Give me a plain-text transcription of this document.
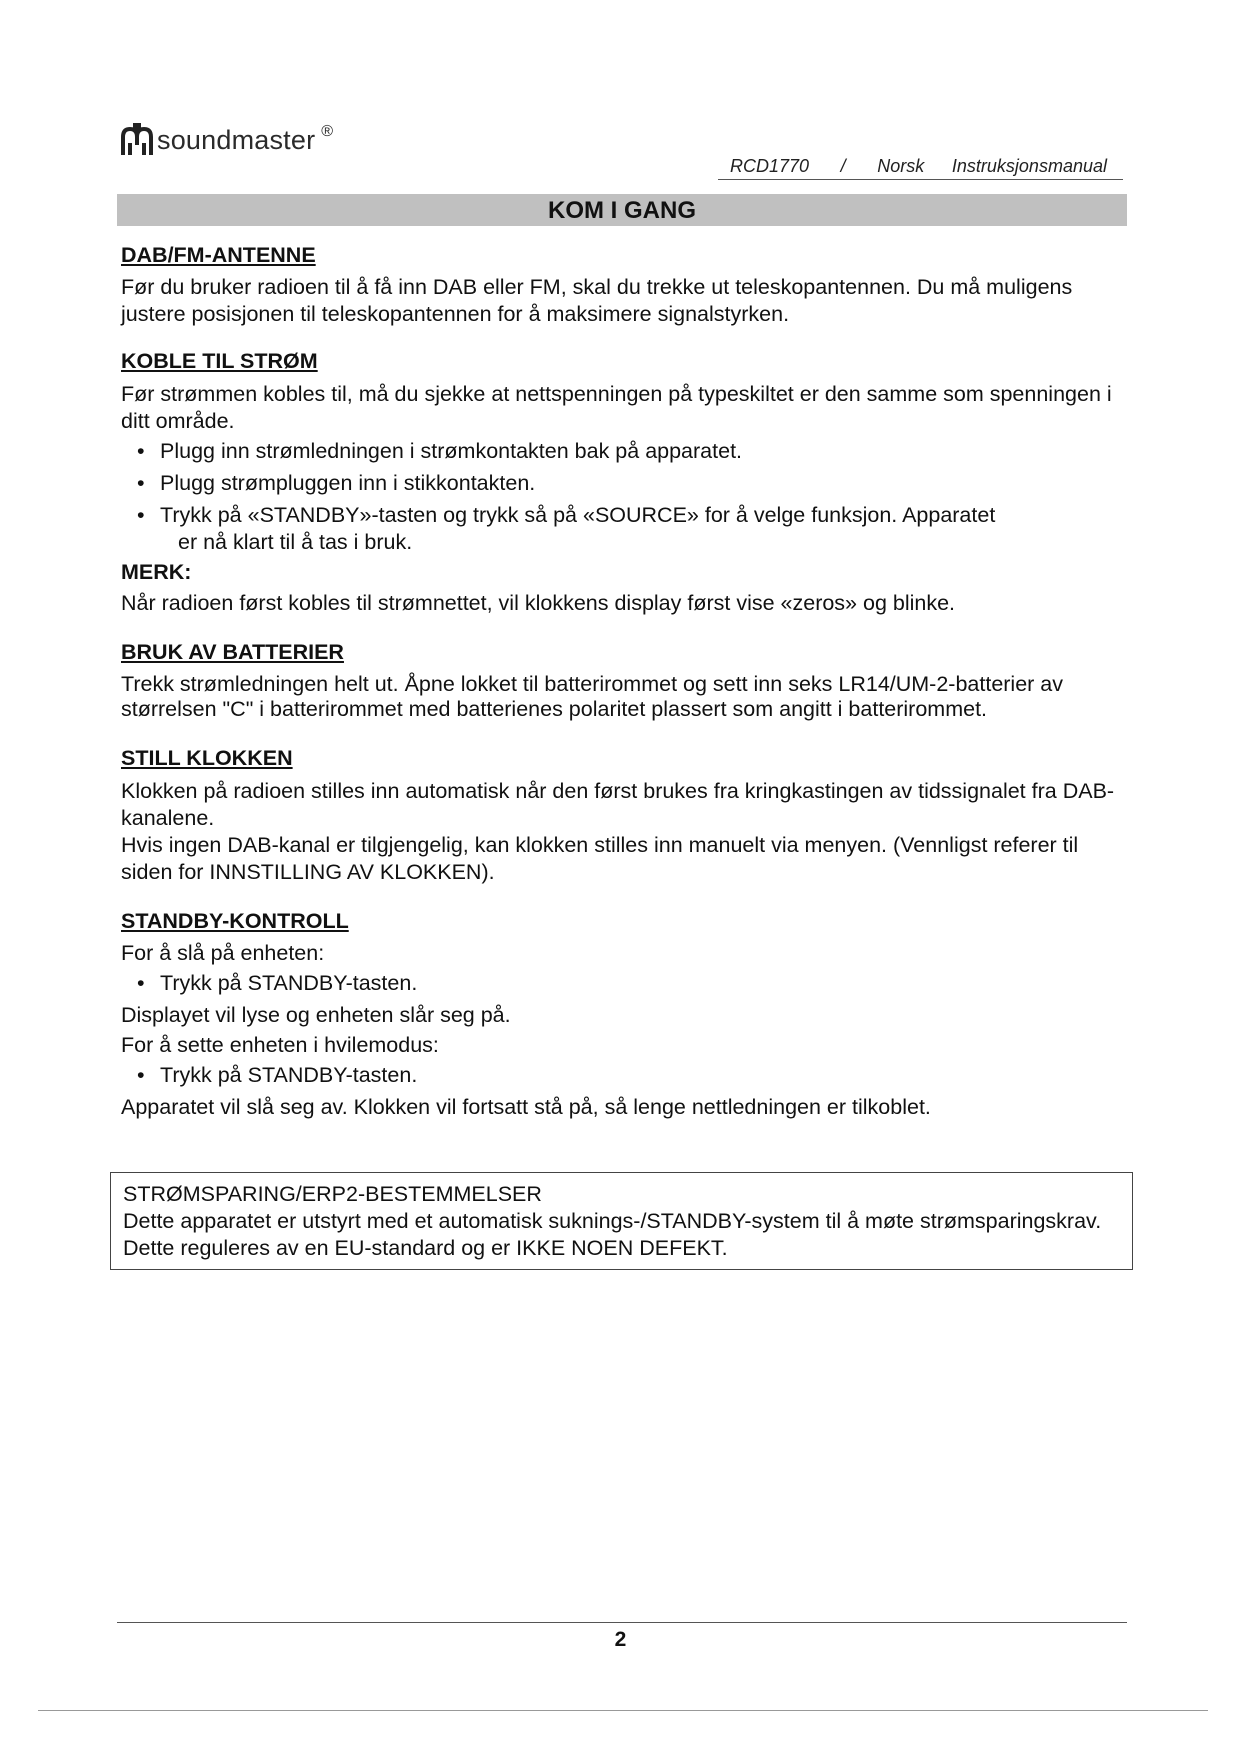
soundmaster ®
RCD1770 / Norsk Instruksjonsmanual
KOM I GANG

DAB/FM-ANTENNE

Før du bruker radioen til å få inn DAB eller FM, skal du trekke ut teleskopantennen. Du må muligens justere posisjonen til teleskopantennen for å maksimere signalstyrken.

KOBLE TIL STRØM

Før strømmen kobles til, må du sjekke at nettspenningen på typeskiltet er den samme som spenningen i ditt område.

• Plugg inn strømledningen i strømkontakten bak på apparatet.
• Plugg strømpluggen inn i stikkontakten.
• Trykk på «STANDBY»-tasten og trykk så på «SOURCE» for å velge funksjon. Apparatet
er nå klart til å tas i bruk.

MERK:

Når radioen først kobles til strømnettet, vil klokkens display først vise «zeros» og blinke.

BRUK AV BATTERIER

Trekk strømledningen helt ut. Åpne lokket til batterirommet og sett inn seks LR14/UM-2-batterier av størrelsen "C" i batterirommet med batterienes polaritet plassert som angitt i batterirommet.

STILL KLOKKEN

Klokken på radioen stilles inn automatisk når den først brukes fra kringkastingen av tidssignalet fra DAB-kanalene.

Hvis ingen DAB-kanal er tilgjengelig, kan klokken stilles inn manuelt via menyen. (Vennligst referer til siden for INNSTILLING AV KLOKKEN).

STANDBY-KONTROLL

For å slå på enheten:

• Trykk på STANDBY-tasten.

Displayet vil lyse og enheten slår seg på.

For å sette enheten i hvilemodus:

• Trykk på STANDBY-tasten.

Apparatet vil slå seg av. Klokken vil fortsatt stå på, så lenge nettledningen er tilkoblet.

STRØMSPARING/ERP2-BESTEMMELSER
Dette apparatet er utstyrt med et automatisk suknings-/STANDBY-system til å møte strømsparingskrav. Dette reguleres av en EU-standard og er IKKE NOEN DEFEKT.
2
